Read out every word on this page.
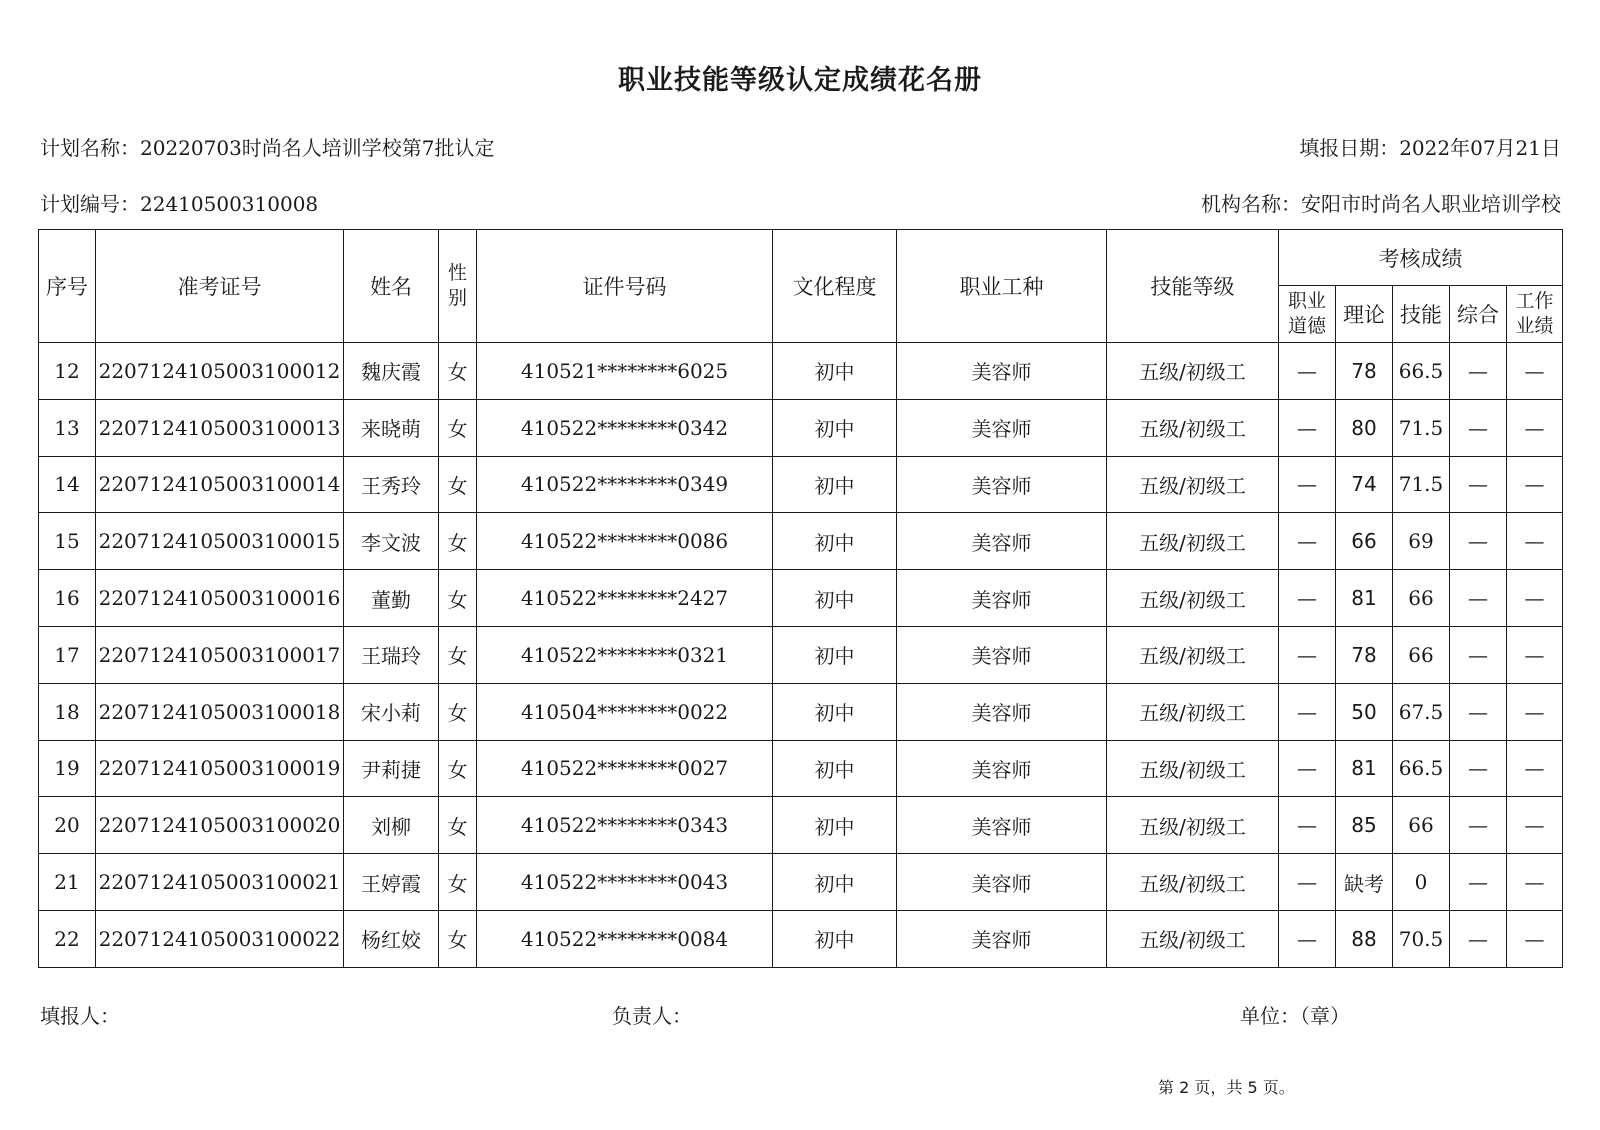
职业技能等级认定成绩花名册
计划名称：20220703时尚名人培训学校第7批认定	填报日期：2022年07月21日
计划编号：22410500310008	机构名称：安阳市时尚名人职业培训学校
序号	准考证号	姓名	性别	证件号码	文化程度	职业工种	技能等级	考核成绩				
								职业道德	理论	技能	综合	工作业绩
12	2207124105003100012	魏庆霞	女	410521********6025	初中	美容师	五级/初级工	—	78	66.5	—	—
13	2207124105003100013	来晓萌	女	410522********0342	初中	美容师	五级/初级工	—	80	71.5	—	—
14	2207124105003100014	王秀玲	女	410522********0349	初中	美容师	五级/初级工	—	74	71.5	—	—
15	2207124105003100015	李文波	女	410522********0086	初中	美容师	五级/初级工	—	66	69	—	—
16	2207124105003100016	董勤	女	410522********2427	初中	美容师	五级/初级工	—	81	66	—	—
17	2207124105003100017	王瑞玲	女	410522********0321	初中	美容师	五级/初级工	—	78	66	—	—
18	2207124105003100018	宋小莉	女	410504********0022	初中	美容师	五级/初级工	—	50	67.5	—	—
19	2207124105003100019	尹莉捷	女	410522********0027	初中	美容师	五级/初级工	—	81	66.5	—	—
20	2207124105003100020	刘柳	女	410522********0343	初中	美容师	五级/初级工	—	85	66	—	—
21	2207124105003100021	王婷霞	女	410522********0043	初中	美容师	五级/初级工	—	缺考	0	—	—
22	2207124105003100022	杨红姣	女	410522********0084	初中	美容师	五级/初级工	—	88	70.5	—	—
填报人：	负责人：	单位：（章）
第 2 页，共 5 页。
